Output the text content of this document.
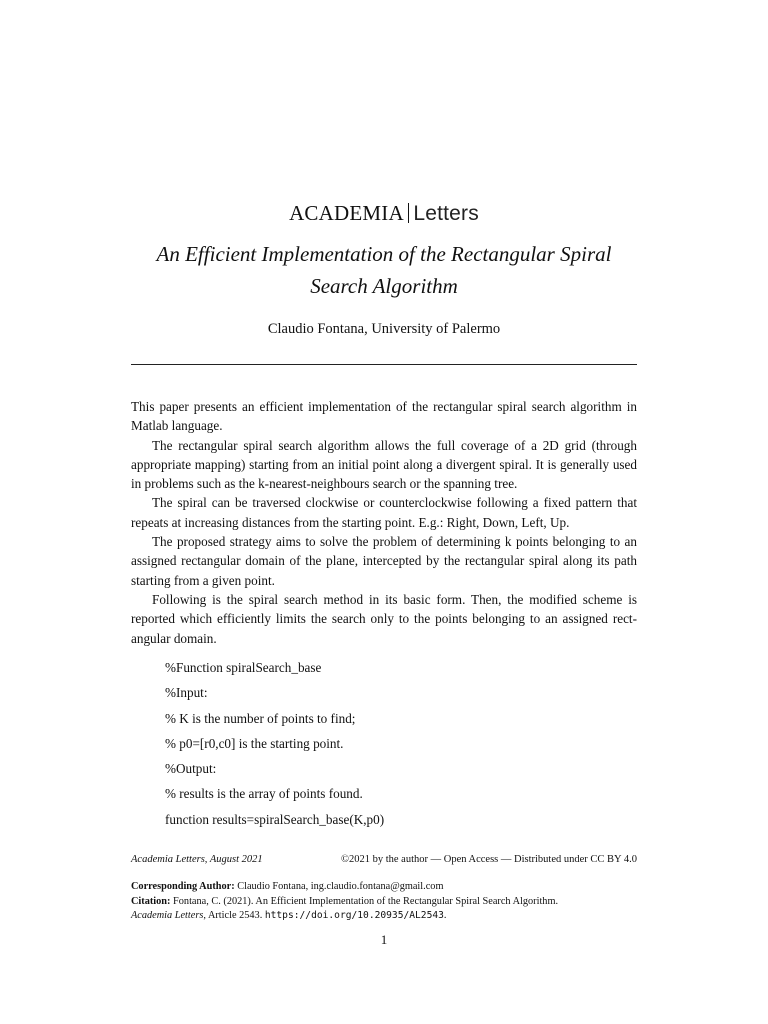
ACADEMIA Letters
An Efficient Implementation of the Rectangular Spiral
Search Algorithm
Claudio Fontana, University of Palermo

This paper presents an efficient implementation of the rectangular spiral search algorithm in Matlab language.

The rectangular spiral search algorithm allows the full coverage of a 2D grid (through appropriate mapping) starting from an initial point along a divergent spiral. It is generally used in problems such as the k-nearest-neighbours search or the spanning tree.

The spiral can be traversed clockwise or counterclockwise following a fixed pattern that repeats at increasing distances from the starting point. E.g.: Right, Down, Left, Up.

The proposed strategy aims to solve the problem of determining k points belonging to an assigned rectangular domain of the plane, intercepted by the rectangular spiral along its path starting from a given point.

Following is the spiral search method in its basic form. Then, the modified scheme is reported which efficiently limits the search only to the points belonging to an assigned rect-angular domain.

%Function spiralSearch_base
%Input:
% K is the number of points to find;
% p0=[r0,c0] is the starting point.
%Output:
% results is the array of points found.
function results=spiralSearch_base(K,p0)
Academia Letters, August 2021	©2021 by the author — Open Access — Distributed under CC BY 4.0
Corresponding Author: Claudio Fontana, ing.claudio.fontana@gmail.com
Citation: Fontana, C. (2021). An Efficient Implementation of the Rectangular Spiral Search Algorithm.
Academia Letters, Article 2543. https://doi.org/10.20935/AL2543.
1
